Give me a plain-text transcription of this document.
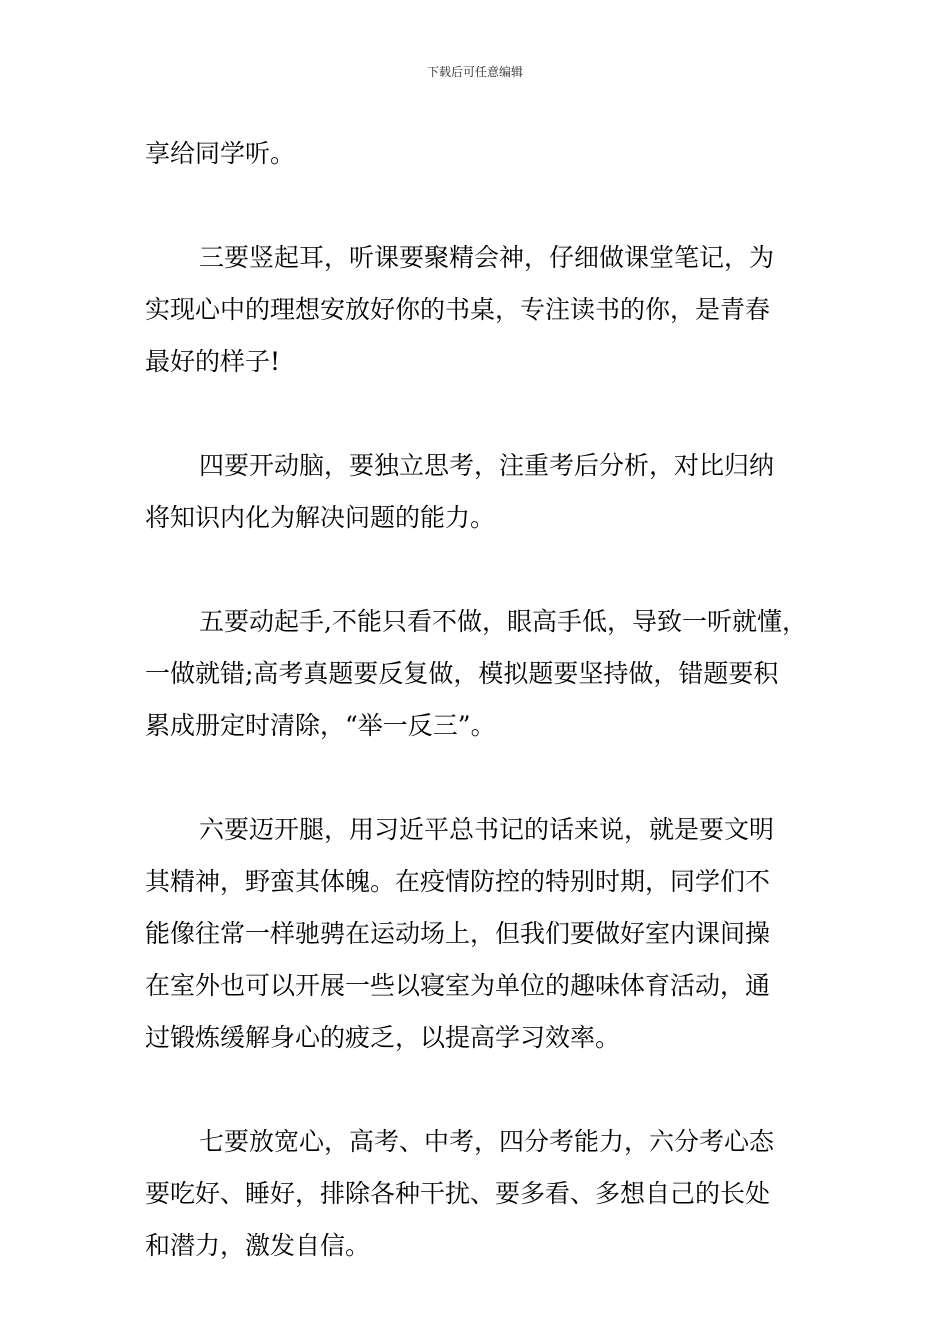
下载后可任意编辑
享给同学听。
三要竖起耳，听课要聚精会神，仔细做课堂笔记，为
实现心中的理想安放好你的书桌，专注读书的你，是青春
最好的样子!
四要开动脑，要独立思考，注重考后分析，对比归纳
将知识内化为解决问题的能力。
五要动起手,不能只看不做，眼高手低，导致一听就懂，
一做就错;高考真题要反复做，模拟题要坚持做，错题要积
累成册定时清除，“举一反三”。
六要迈开腿，用习近平总书记的话来说，就是要文明
其精神，野蛮其体魄。在疫情防控的特别时期，同学们不
能像往常一样驰骋在运动场上，但我们要做好室内课间操
在室外也可以开展一些以寝室为单位的趣味体育活动，通
过锻炼缓解身心的疲乏，以提高学习效率。
七要放宽心，高考、中考，四分考能力，六分考心态
要吃好、睡好，排除各种干扰、要多看、多想自己的长处
和潜力，激发自信。
